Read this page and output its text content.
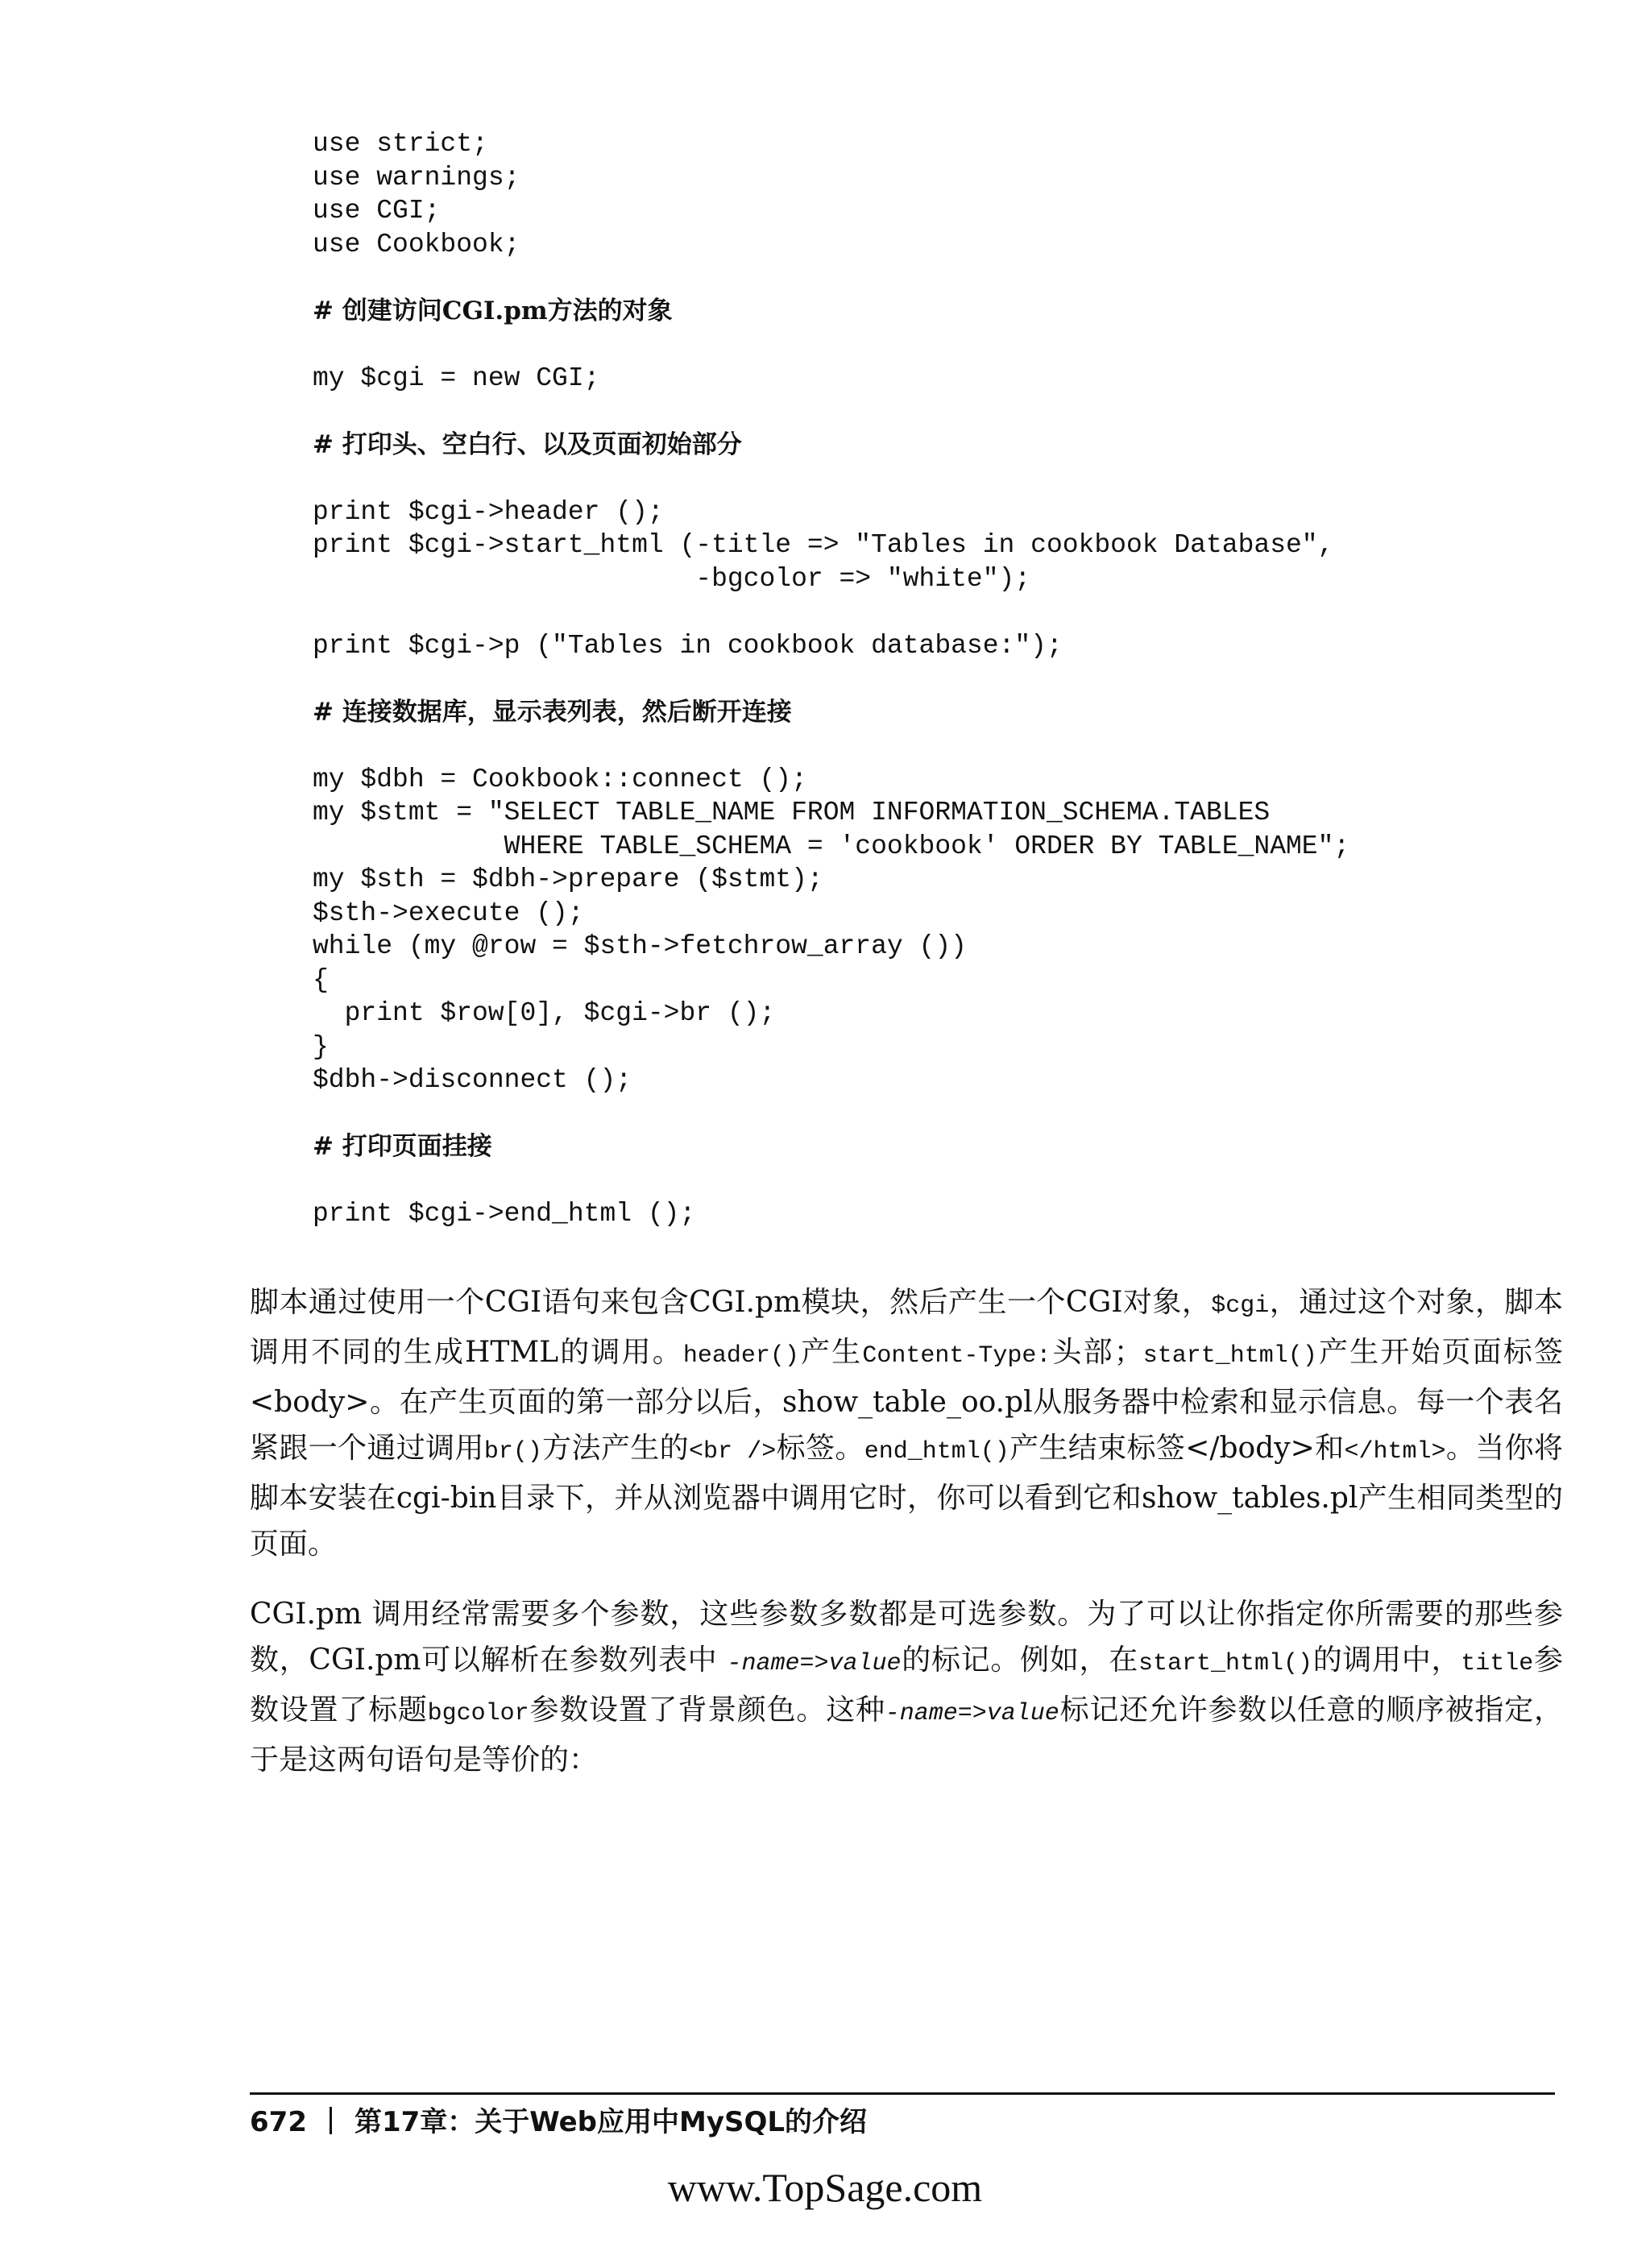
use strict;
use warnings;
use CGI;
use Cookbook;
# 创建访问CGI.pm方法的对象
my $cgi = new CGI;
# 打印头、空白行、以及页面初始部分
print $cgi->header ();
print $cgi->start_html (-title => "Tables in cookbook Database",
-bgcolor => "white");
print $cgi->p ("Tables in cookbook database:");
# 连接数据库，显示表列表，然后断开连接
my $dbh = Cookbook::connect ();
my $stmt = "SELECT TABLE_NAME FROM INFORMATION_SCHEMA.TABLES
WHERE TABLE_SCHEMA = 'cookbook' ORDER BY TABLE_NAME";
my $sth = $dbh->prepare ($stmt);
$sth->execute ();
while (my @row = $sth->fetchrow_array ())
{
print $row[0], $cgi->br ();
}
$dbh->disconnect ();
# 打印页面挂接
print $cgi->end_html ();
脚本通过使用一个CGI语句来包含CGI.pm模块，然后产生一个CGI对象，$cgi，通过这个对象，脚本调用不同的生成HTML的调用。header()产生Content-Type:头部；start_html()产生开始页面标签<body>。在产生页面的第一部分以后，show_table_oo.pl从服务器中检索和显示信息。每一个表名紧跟一个通过调用br()方法产生的<br />标签。end_html()产生结束标签</body>和</html>。当你将脚本安装在cgi-bin目录下，并从浏览器中调用它时，你可以看到它和show_tables.pl产生相同类型的页面。
CGI.pm 调用经常需要多个参数，这些参数多数都是可选参数。为了可以让你指定你所需要的那些参数，CGI.pm可以解析在参数列表中 -name=>value的标记。例如，在start_html()的调用中，title参数设置了标题bgcolor参数设置了背景颜色。这种-name=>value标记还允许参数以任意的顺序被指定，于是这两句语句是等价的：
672 第17章：关于Web应用中MySQL的介绍
www.TopSage.com
